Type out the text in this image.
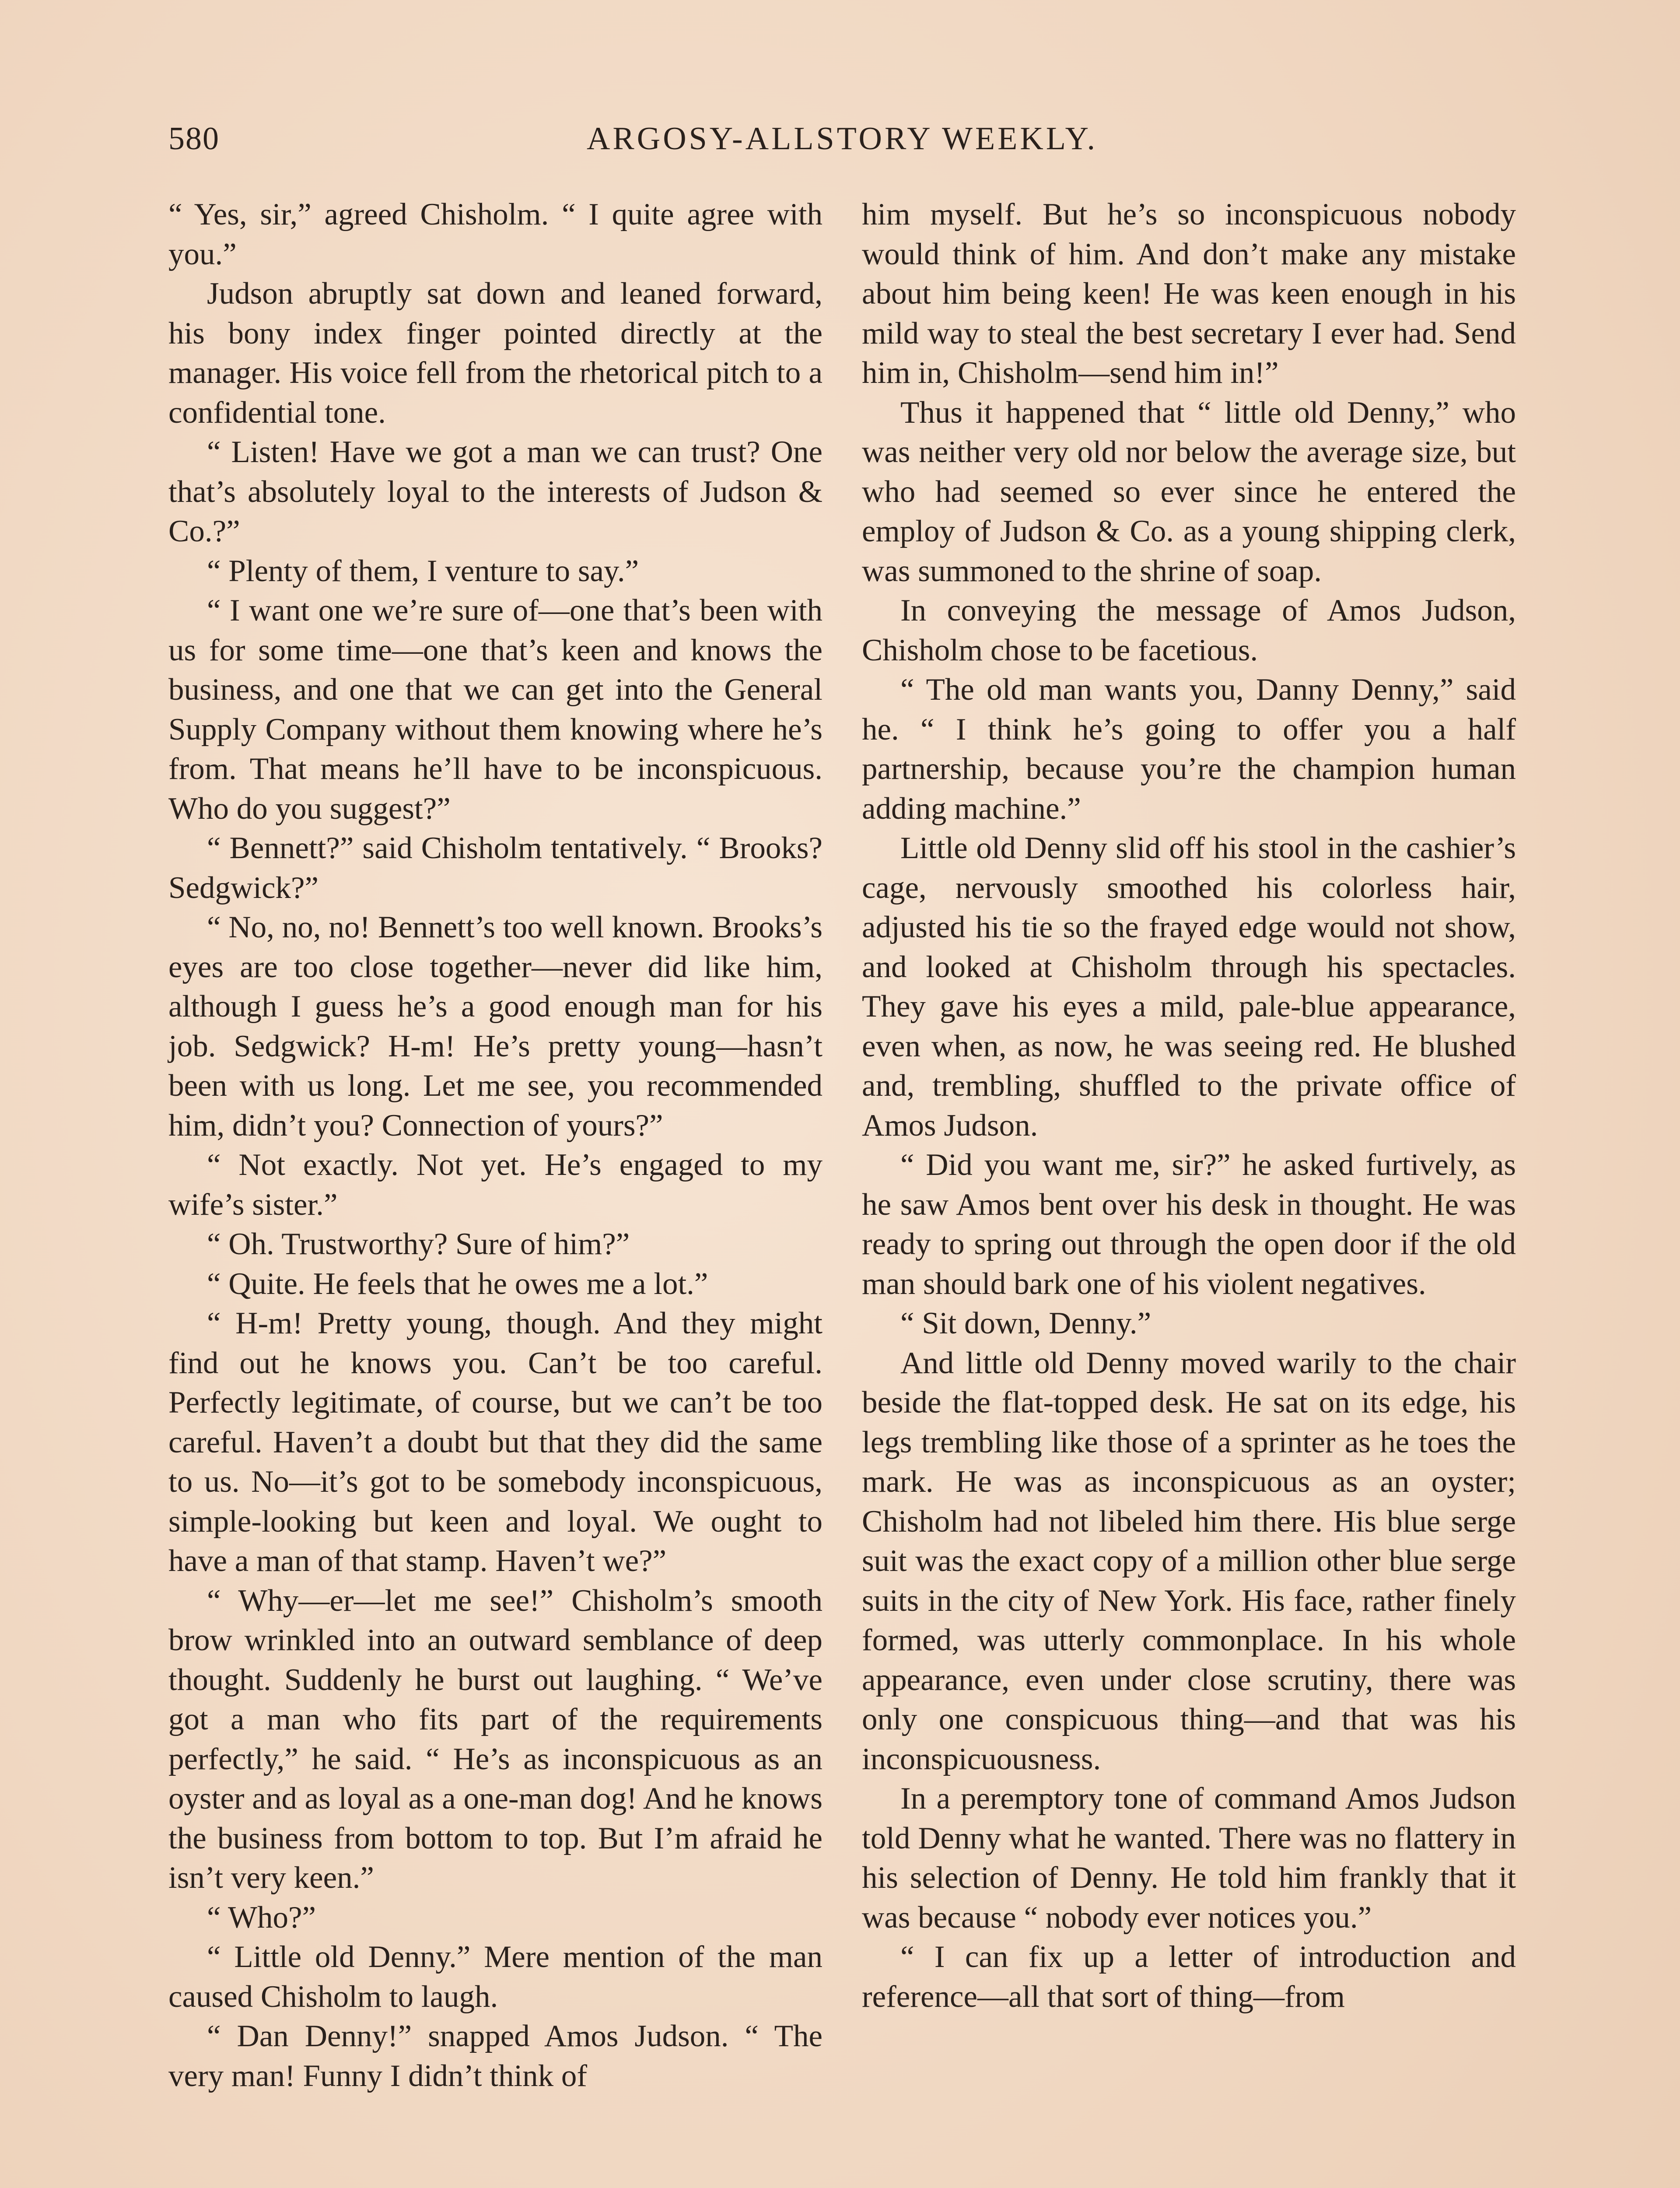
580	ARGOSY-ALLSTORY WEEKLY.

“ Yes, sir,” agreed Chisholm. “ I quite agree with you.”

Judson abruptly sat down and leaned forward, his bony index finger pointed directly at the manager. His voice fell from the rhetorical pitch to a confidential tone.

“ Listen! Have we got a man we can trust? One that’s absolutely loyal to the interests of Judson & Co.?”

“ Plenty of them, I venture to say.”

“ I want one we’re sure of—one that’s been with us for some time—one that’s keen and knows the business, and one that we can get into the General Supply Company without them knowing where he’s from. That means he’ll have to be inconspicuous. Who do you suggest?”

“ Bennett?” said Chisholm tentatively. “ Brooks? Sedgwick?”

“ No, no, no! Bennett’s too well known. Brooks’s eyes are too close together—never did like him, although I guess he’s a good enough man for his job. Sedgwick? H-m! He’s pretty young—hasn’t been with us long. Let me see, you recommended him, didn’t you? Connection of yours?”

“ Not exactly. Not yet. He’s engaged to my wife’s sister.”

“ Oh. Trustworthy? Sure of him?”

“ Quite. He feels that he owes me a lot.”

“ H-m! Pretty young, though. And they might find out he knows you. Can’t be too careful. Perfectly legitimate, of course, but we can’t be too careful. Haven’t a doubt but that they did the same to us. No—it’s got to be somebody inconspicuous, simple-looking but keen and loyal. We ought to have a man of that stamp. Haven’t we?”

“ Why—er—let me see!” Chisholm’s smooth brow wrinkled into an outward semblance of deep thought. Suddenly he burst out laughing. “ We’ve got a man who fits part of the requirements perfectly,” he said. “ He’s as inconspicuous as an oyster and as loyal as a one-man dog! And he knows the business from bottom to top. But I’m afraid he isn’t very keen.”

“ Who?”

“ Little old Denny.” Mere mention of the man caused Chisholm to laugh.

“ Dan Denny!” snapped Amos Judson. “ The very man! Funny I didn’t think of

him myself. But he’s so inconspicuous nobody would think of him. And don’t make any mistake about him being keen! He was keen enough in his mild way to steal the best secretary I ever had. Send him in, Chisholm—send him in!”

Thus it happened that “ little old Denny,” who was neither very old nor below the average size, but who had seemed so ever since he entered the employ of Judson & Co. as a young shipping clerk, was summoned to the shrine of soap.

In conveying the message of Amos Judson, Chisholm chose to be facetious.

“ The old man wants you, Danny Denny,” said he. “ I think he’s going to offer you a half partnership, because you’re the champion human adding machine.”

Little old Denny slid off his stool in the cashier’s cage, nervously smoothed his colorless hair, adjusted his tie so the frayed edge would not show, and looked at Chisholm through his spectacles. They gave his eyes a mild, pale-blue appearance, even when, as now, he was seeing red. He blushed and, trembling, shuffled to the private office of Amos Judson.

“ Did you want me, sir?” he asked furtively, as he saw Amos bent over his desk in thought. He was ready to spring out through the open door if the old man should bark one of his violent negatives.

“ Sit down, Denny.”

And little old Denny moved warily to the chair beside the flat-topped desk. He sat on its edge, his legs trembling like those of a sprinter as he toes the mark. He was as inconspicuous as an oyster; Chisholm had not libeled him there. His blue serge suit was the exact copy of a million other blue serge suits in the city of New York. His face, rather finely formed, was utterly commonplace. In his whole appearance, even under close scrutiny, there was only one conspicuous thing—and that was his inconspicuousness.

In a peremptory tone of command Amos Judson told Denny what he wanted. There was no flattery in his selection of Denny. He told him frankly that it was because “ nobody ever notices you.”

“ I can fix up a letter of introduction and reference—all that sort of thing—from
